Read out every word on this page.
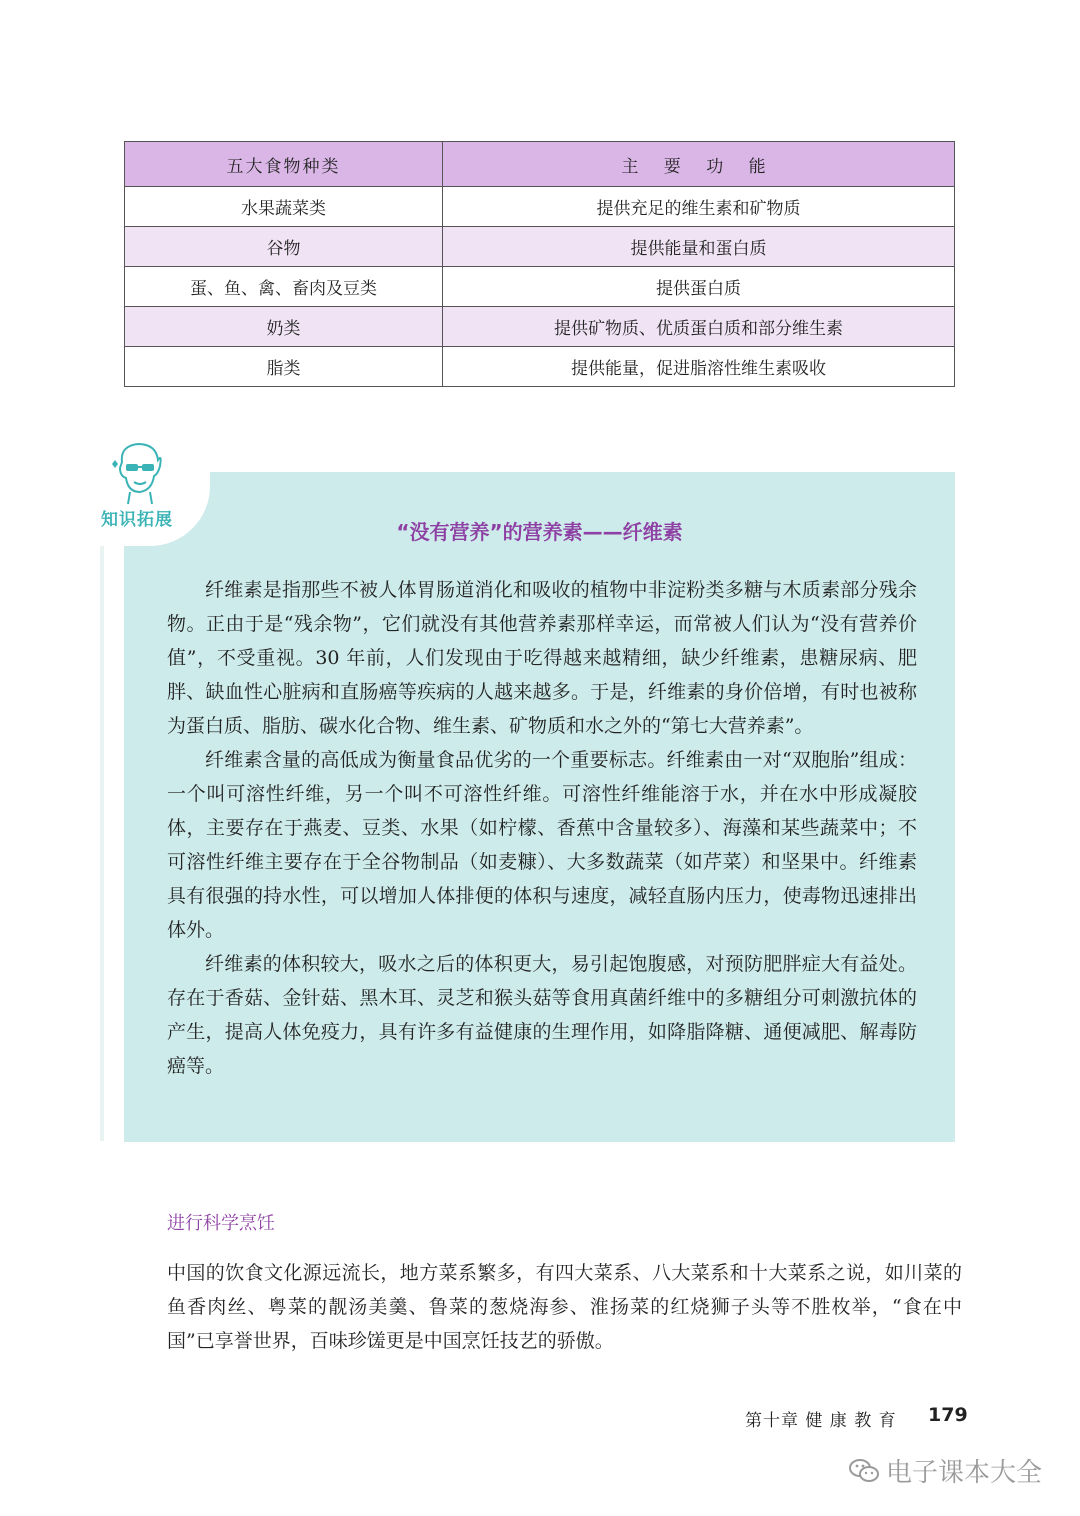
五大食物种类	主 要 功 能
水果蔬菜类	提供充足的维生素和矿物质
谷物	提供能量和蛋白质
蛋、鱼、禽、畜肉及豆类	提供蛋白质
奶类	提供矿物质、优质蛋白质和部分维生素
脂类	提供能量，促进脂溶性维生素吸收
知识拓展	“没有营养”的营养素——纤维素

纤维素是指那些不被人体胃肠道消化和吸收的植物中非淀粉类多糖与木质素部分残余物。正由于是“残余物”，它们就没有其他营养素那样幸运，而常被人们认为“没有营养价值”，不受重视。30 年前，人们发现由于吃得越来越精细，缺少纤维素，患糖尿病、肥胖、缺血性心脏病和直肠癌等疾病的人越来越多。于是，纤维素的身价倍增，有时也被称为蛋白质、脂肪、碳水化合物、维生素、矿物质和水之外的“第七大营养素”。

纤维素含量的高低成为衡量食品优劣的一个重要标志。纤维素由一对“双胞胎”组成：一个叫可溶性纤维，另一个叫不可溶性纤维。可溶性纤维能溶于水，并在水中形成凝胶体，主要存在于燕麦、豆类、水果（如柠檬、香蕉中含量较多）、海藻和某些蔬菜中；不可溶性纤维主要存在于全谷物制品（如麦糠）、大多数蔬菜（如芹菜）和坚果中。纤维素具有很强的持水性，可以增加人体排便的体积与速度，减轻直肠内压力，使毒物迅速排出体外。

纤维素的体积较大，吸水之后的体积更大，易引起饱腹感，对预防肥胖症大有益处。存在于香菇、金针菇、黑木耳、灵芝和猴头菇等食用真菌纤维中的多糖组分可刺激抗体的产生，提高人体免疫力，具有许多有益健康的生理作用，如降脂降糖、通便减肥、解毒防癌等。

进行科学烹饪

中国的饮食文化源远流长，地方菜系繁多，有四大菜系、八大菜系和十大菜系之说，如川菜的鱼香肉丝、粤菜的靓汤美羹、鲁菜的葱烧海参、淮扬菜的红烧狮子头等不胜枚举，“食在中国”已享誉世界，百味珍馐更是中国烹饪技艺的骄傲。

第十章 健 康 教 育 179
电子课本大全
